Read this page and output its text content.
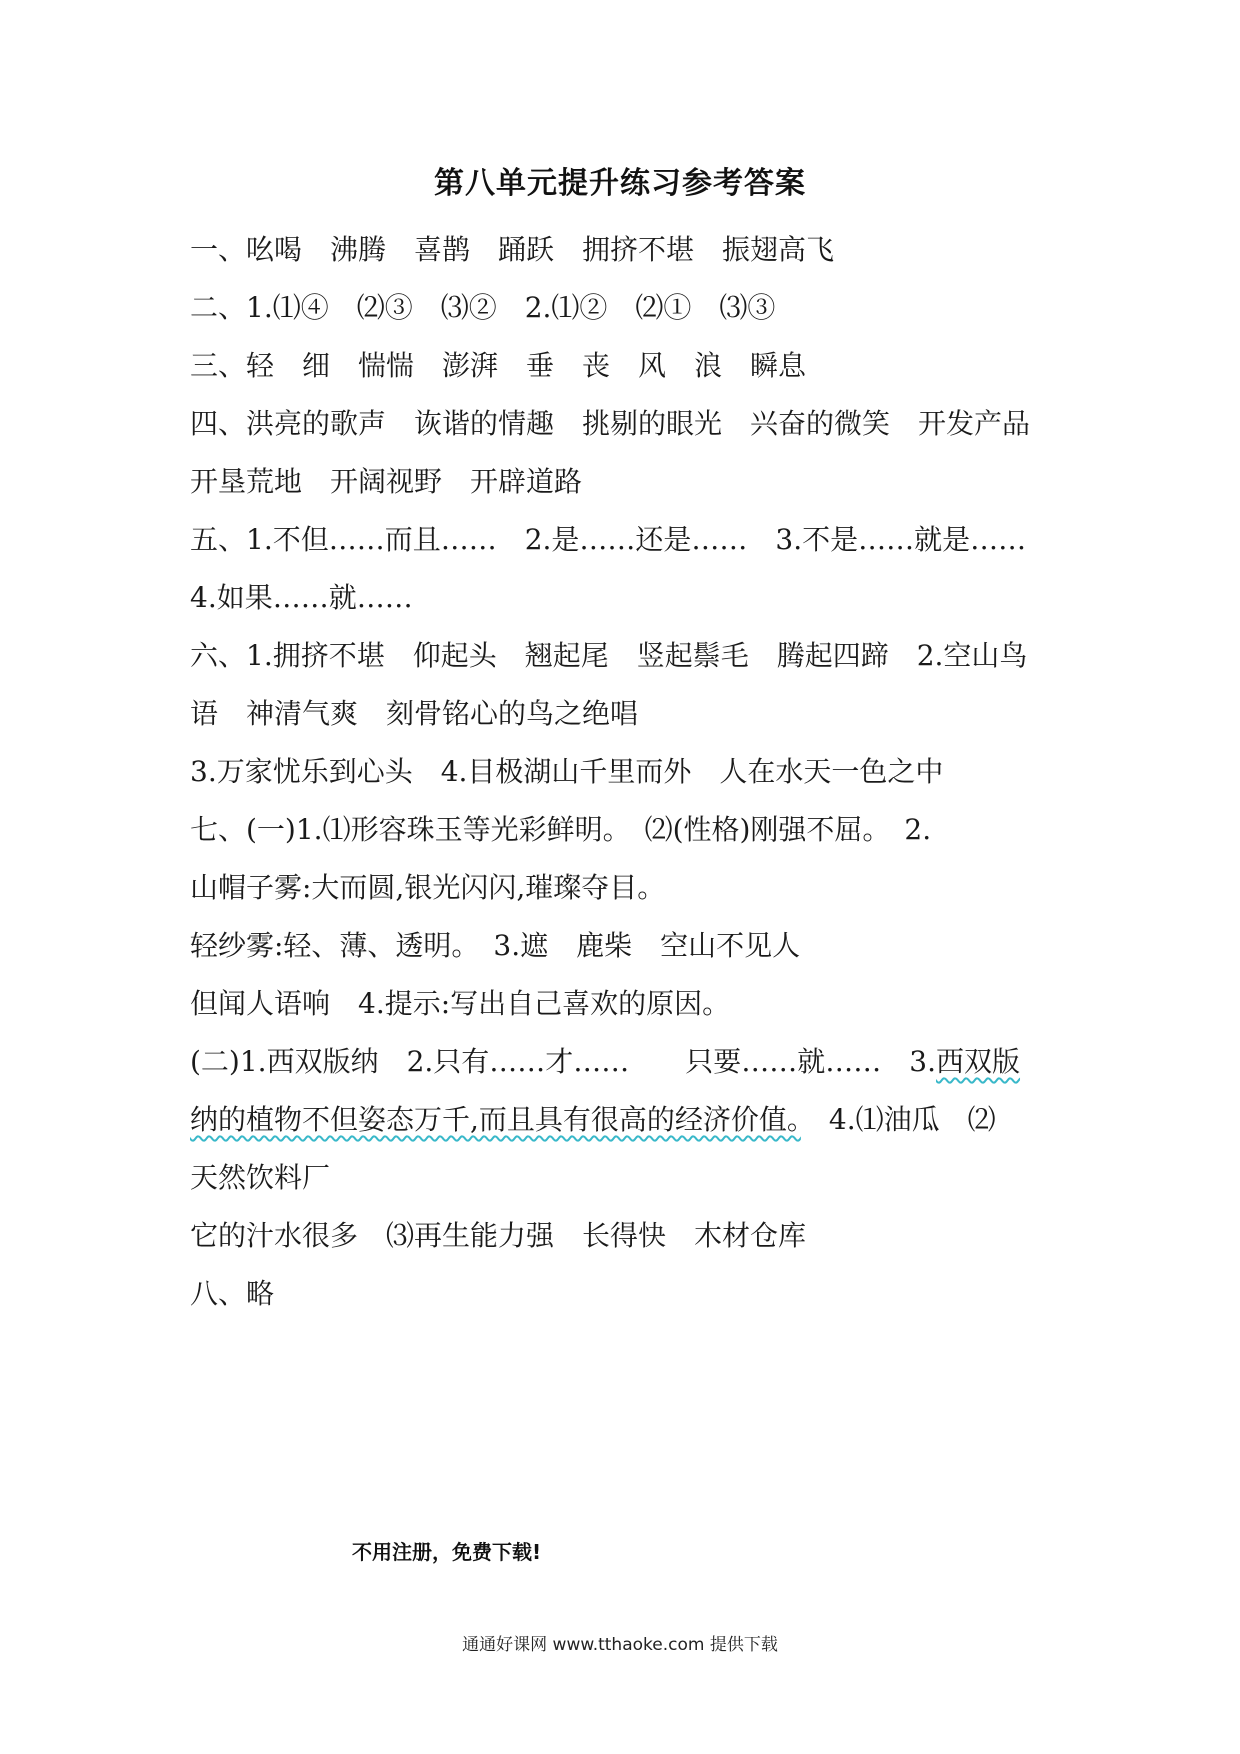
第八单元提升练习参考答案
一、吆喝　沸腾　喜鹊　踊跃　拥挤不堪　振翅高飞
二、1.⑴④　⑵③　⑶②　2.⑴②　⑵①　⑶③
三、轻　细　惴惴　澎湃　垂　丧　风　浪　瞬息
四、洪亮的歌声　诙谐的情趣　挑剔的眼光　兴奋的微笑　开发产品
开垦荒地　开阔视野　开辟道路
五、1.不但……而且……　2.是……还是……　3.不是……就是……
4.如果……就……
六、1.拥挤不堪　仰起头　翘起尾　竖起鬃毛　腾起四蹄　2.空山鸟
语　神清气爽　刻骨铭心的鸟之绝唱
3.万家忧乐到心头　4.目极湖山千里而外　人在水天一色之中
七、(一)1.⑴形容珠玉等光彩鲜明。　⑵(性格)刚强不屈。　2.
山帽子雾:大而圆,银光闪闪,璀璨夺目。
轻纱雾:轻、薄、透明。　3.遮　鹿柴　空山不见人
但闻人语响　4.提示:写出自己喜欢的原因。
(二)1.西双版纳　2.只有……才……　　只要……就……　3.西双版
纳的植物不但姿态万千,而且具有很高的经济价值。　4.⑴油瓜　⑵
天然饮料厂
它的汁水很多　⑶再生能力强　长得快　木材仓库
八、略
不用注册，免费下载!
通通好课网 www.tthaoke.com 提供下载
